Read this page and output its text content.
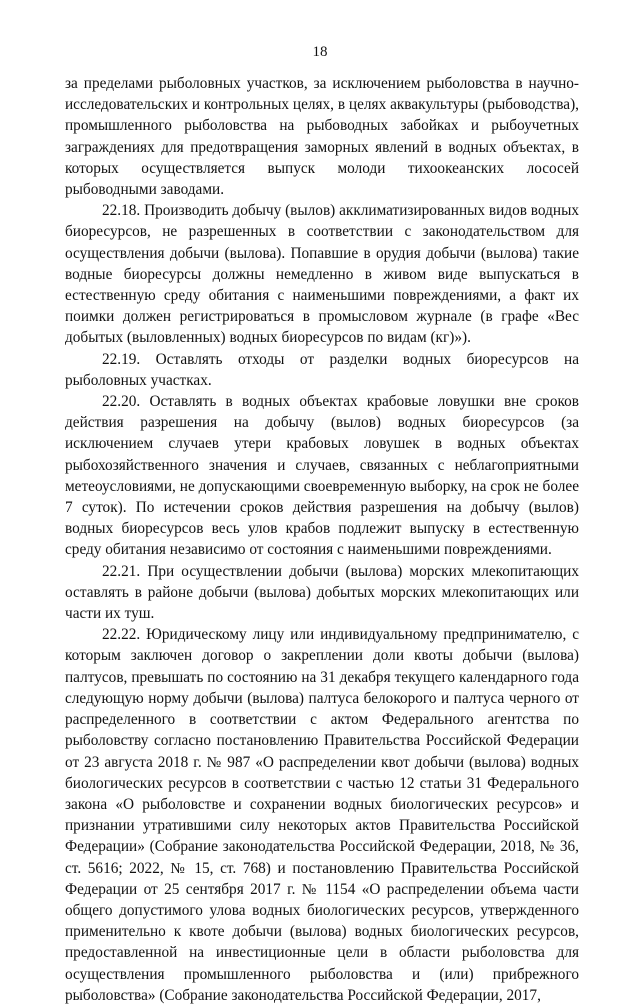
18

за пределами рыболовных участков, за исключением рыболовства в научно-исследовательских и контрольных целях, в целях аквакультуры (рыбоводства), промышленного рыболовства на рыбоводных забойках и рыбоучетных заграждениях для предотвращения заморных явлений в водных объектах, в которых осуществляется выпуск молоди тихоокеанских лососей рыбоводными заводами.

22.18. Производить добычу (вылов) акклиматизированных видов водных биоресурсов, не разрешенных в соответствии с законодательством для осуществления добычи (вылова). Попавшие в орудия добычи (вылова) такие водные биоресурсы должны немедленно в живом виде выпускаться в естественную среду обитания с наименьшими повреждениями, а факт их поимки должен регистрироваться в промысловом журнале (в графе «Вес добытых (выловленных) водных биоресурсов по видам (кг)»).

22.19. Оставлять отходы от разделки водных биоресурсов на рыболовных участках.

22.20. Оставлять в водных объектах крабовые ловушки вне сроков действия разрешения на добычу (вылов) водных биоресурсов (за исключением случаев утери крабовых ловушек в водных объектах рыбохозяйственного значения и случаев, связанных с неблагоприятными метеоусловиями, не допускающими своевременную выборку, на срок не более 7 суток). По истечении сроков действия разрешения на добычу (вылов) водных биоресурсов весь улов крабов подлежит выпуску в естественную среду обитания независимо от состояния с наименьшими повреждениями.

22.21. При осуществлении добычи (вылова) морских млекопитающих оставлять в районе добычи (вылова) добытых морских млекопитающих или части их туш.

22.22. Юридическому лицу или индивидуальному предпринимателю, с которым заключен договор о закреплении доли квоты добычи (вылова) палтусов, превышать по состоянию на 31 декабря текущего календарного года следующую норму добычи (вылова) палтуса белокорого и палтуса черного от распределенного в соответствии с актом Федерального агентства по рыболовству согласно постановлению Правительства Российской Федерации от 23 августа 2018 г. № 987 «О распределении квот добычи (вылова) водных биологических ресурсов в соответствии с частью 12 статьи 31 Федерального закона «О рыболовстве и сохранении водных биологических ресурсов» и признании утратившими силу некоторых актов Правительства Российской Федерации» (Собрание законодательства Российской Федерации, 2018, № 36, ст. 5616; 2022, № 15, ст. 768) и постановлению Правительства Российской Федерации от 25 сентября 2017 г. № 1154 «О распределении объема части общего допустимого улова водных биологических ресурсов, утвержденного применительно к квоте добычи (вылова) водных биологических ресурсов, предоставленной на инвестиционные цели в области рыболовства для осуществления промышленного рыболовства и (или) прибрежного рыболовства» (Собрание законодательства Российской Федерации, 2017,
